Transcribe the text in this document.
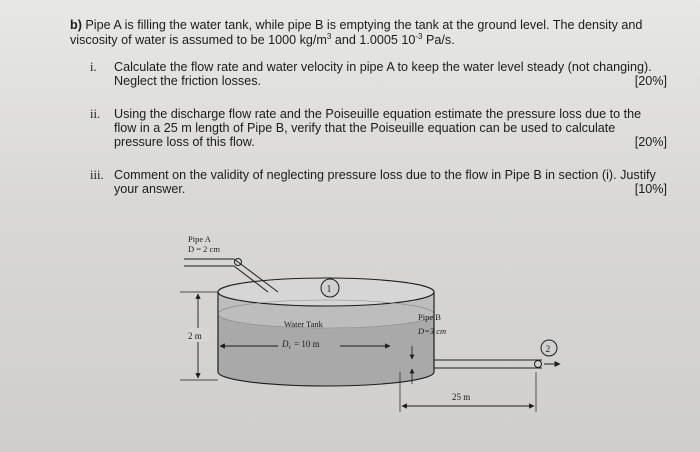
b) Pipe A is filling the water tank, while pipe B is emptying the tank at the ground level. The density and viscosity of water is assumed to be 1000 $kg/m^3$ and 1.0005 $10^{-3}$ Pa/s.
i. Calculate the flow rate and water velocity in pipe A to keep the water level steady (not changing). Neglect the friction losses.	[20%]
ii. Using the discharge flow rate and the Poiseuille equation estimate the pressure loss due to the flow in a 25 m length of Pipe B, verify that the Poiseuille equation can be used to calculate pressure loss of this flow.	[20%]
iii. Comment on the validity of neglecting pressure loss due to the flow in Pipe B in section (i). Justify your answer.	[10%]
Pipe A
D = 2 cm
1
Water Tank
D t = 10 m
2 m
Pipe B
D=3 cm
2
25 m
